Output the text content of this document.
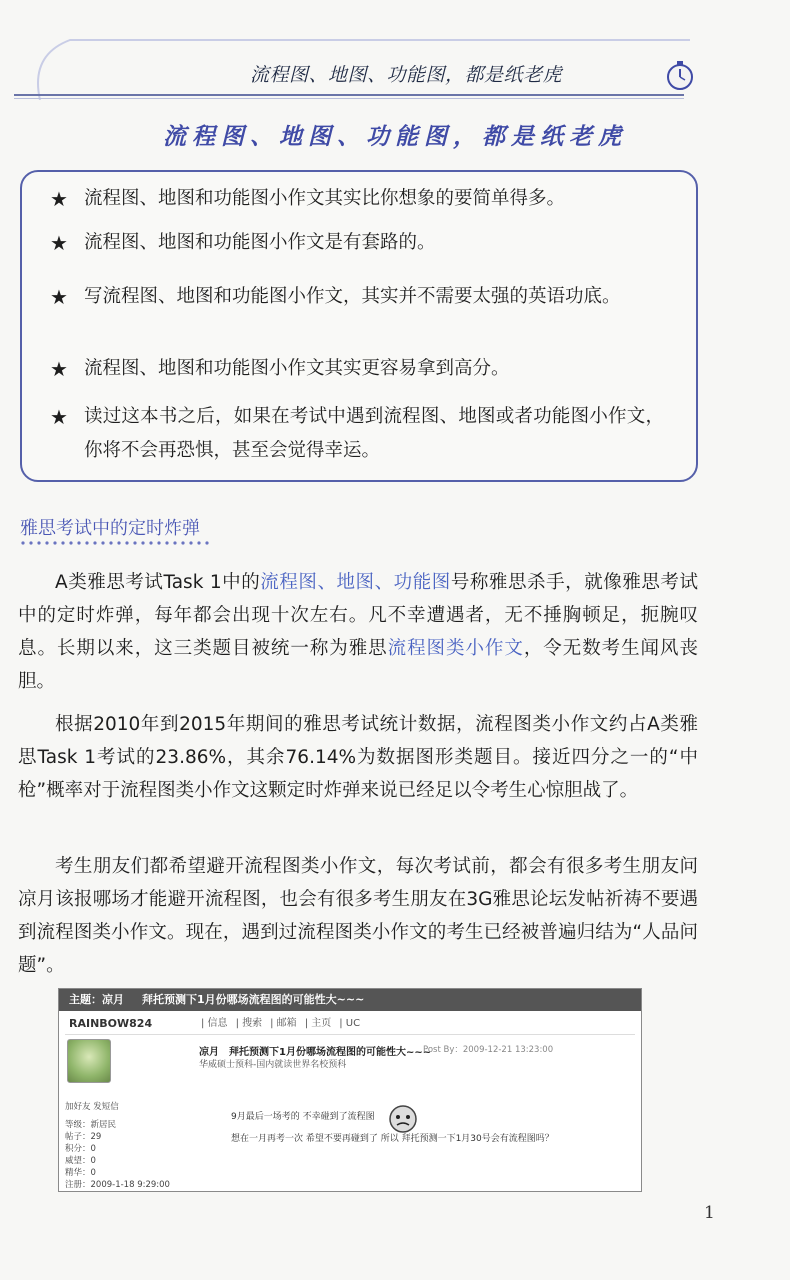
流程图、地图、功能图，都是纸老虎
流程图、地图、功能图，都是纸老虎
★ 流程图、地图和功能图小作文其实比你想象的要简单得多。
★ 流程图、地图和功能图小作文是有套路的。
★ 写流程图、地图和功能图小作文，其实并不需要太强的英语功底。
★ 流程图、地图和功能图小作文其实更容易拿到高分。
★ 读过这本书之后，如果在考试中遇到流程图、地图或者功能图小作文，你将不会再恐惧，甚至会觉得幸运。
雅思考试中的定时炸弹
A类雅思考试Task 1中的流程图、地图、功能图号称雅思杀手，就像雅思考试中的定时炸弹，每年都会出现十次左右。凡不幸遭遇者，无不捶胸顿足，扼腕叹息。长期以来，这三类题目被统一称为雅思流程图类小作文，令无数考生闻风丧胆。
根据2010年到2015年期间的雅思考试统计数据，流程图类小作文约占A类雅思Task 1考试的23.86%，其余76.14%为数据图形类题目。接近四分之一的“中枪”概率对于流程图类小作文这颗定时炸弹来说已经足以令考生心惊胆战了。
考生朋友们都希望避开流程图类小作文，每次考试前，都会有很多考生朋友问凉月该报哪场才能避开流程图，也会有很多考生朋友在3G雅思论坛发帖祈祷不要遇到流程图类小作文。现在，遇到过流程图类小作文的考生已经被普遍归结为“人品问题”。
主题：凉月 拜托预测下1月份哪场流程图的可能性大~~~
RAINBOW824	| 信息 | 搜索 | 邮箱 | 主页 | UC
加好友 发短信
等级：新居民
帖子：29
积分：0
威望：0
精华：0
注册：2009-1-18 9:29:00
凉月 拜托预测下1月份哪场流程图的可能性大~~~
Post By：2009-12-21 13:23:00
华威硕士预科-国内就读世界名校预科
9月最后一场考的 不幸碰到了流程图
想在一月再考一次 希望不要再碰到了 所以 拜托预测一下1月30号会有流程图吗？
1
